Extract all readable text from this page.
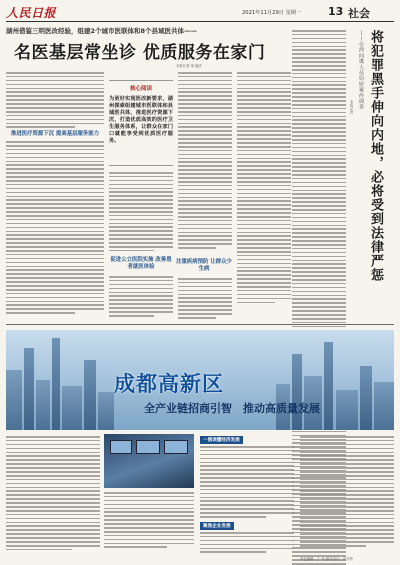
人民日报	2021年11月29日 星期一 13 社会
湖州借鉴三明医改经验，组建2个城市医联体和8个县域医共体——
名医基层常坐诊 优质服务在家门
本报记者 窦 瀚洋
推进医疗资源下沉 提高基层服务能力
核心阅读
为更好实现医改新要求，湖州探索组建城市医联体和县域医共体，推进医疗资源下沉，打造优质高效的医疗卫生服务体系，让群众在家门口就能享受到优质医疗服务。
促进公立医院实施 改善患者就医体验
注重疾病预防 让群众少生病	将犯罪黑手伸向内地，必将受到法律严惩
——台湾间谍人员窃密案件调查
本报记者
成都高新区
全产业链招商引智　推动高质量发展
一图读懂经济发展
聚焦企业发展
责任编辑：丁 丹 版式设计：沈亦伶
